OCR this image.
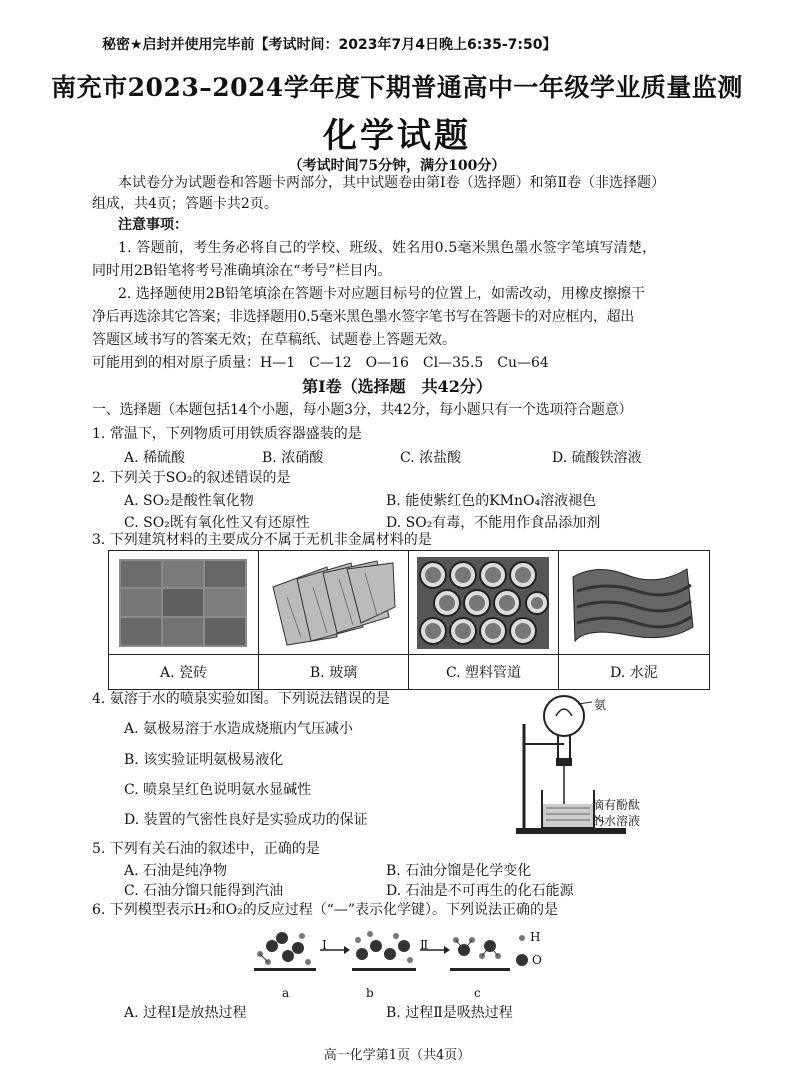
秘密★启封并使用完毕前【考试时间：2023年7月4日晚上6:35-7:50】
南充市2023–2024学年度下期普通高中一年级学业质量监测
化学试题
（考试时间75分钟，满分100分）
本试卷分为试题卷和答题卡两部分，其中试题卷由第Ⅰ卷（选择题）和第Ⅱ卷（非选择题）
组成，共4页；答题卡共2页。
注意事项：
1. 答题前，考生务必将自己的学校、班级、姓名用0.5毫米黑色墨水签字笔填写清楚，
同时用2B铅笔将考号准确填涂在“考号”栏目内。
2. 选择题使用2B铅笔填涂在答题卡对应题目标号的位置上，如需改动，用橡皮擦擦干
净后再选涂其它答案；非选择题用0.5毫米黑色墨水签字笔书写在答题卡的对应框内，超出
答题区域书写的答案无效；在草稿纸、试题卷上答题无效。
可能用到的相对原子质量：H—1　C—12　O—16　Cl—35.5　Cu—64
第Ⅰ卷（选择题　共42分）
一、选择题（本题包括14个小题，每小题3分，共42分，每小题只有一个选项符合题意）
1. 常温下，下列物质可用铁质容器盛装的是
A. 稀硫酸	B. 浓硝酸	C. 浓盐酸	D. 硫酸铁溶液
2. 下列关于SO₂的叙述错误的是
A. SO₂是酸性氧化物	B. 能使紫红色的KMnO₄溶液褪色
C. SO₂既有氧化性又有还原性	D. SO₂有毒，不能用作食品添加剂
3. 下列建筑材料的主要成分不属于无机非金属材料的是
A. 瓷砖	B. 玻璃	C. 塑料管道	D. 水泥
4. 氨溶于水的喷泉实验如图。下列说法错误的是
A. 氨极易溶于水造成烧瓶内气压减小
B. 该实验证明氨极易液化
C. 喷泉呈红色说明氨水显碱性
D. 装置的气密性良好是实验成功的保证
氨
滴有酚酞
的水溶液
5. 下列有关石油的叙述中，正确的是
A. 石油是纯净物	B. 石油分馏是化学变化
C. 石油分馏只能得到汽油	D. 石油是不可再生的化石能源
6. 下列模型表示H₂和O₂的反应过程（“—”表示化学键）。下列说法正确的是
Ⅰ	Ⅱ
a	b	c
H
O
A. 过程Ⅰ是放热过程	B. 过程Ⅱ是吸热过程
高一化学第1页（共4页）
